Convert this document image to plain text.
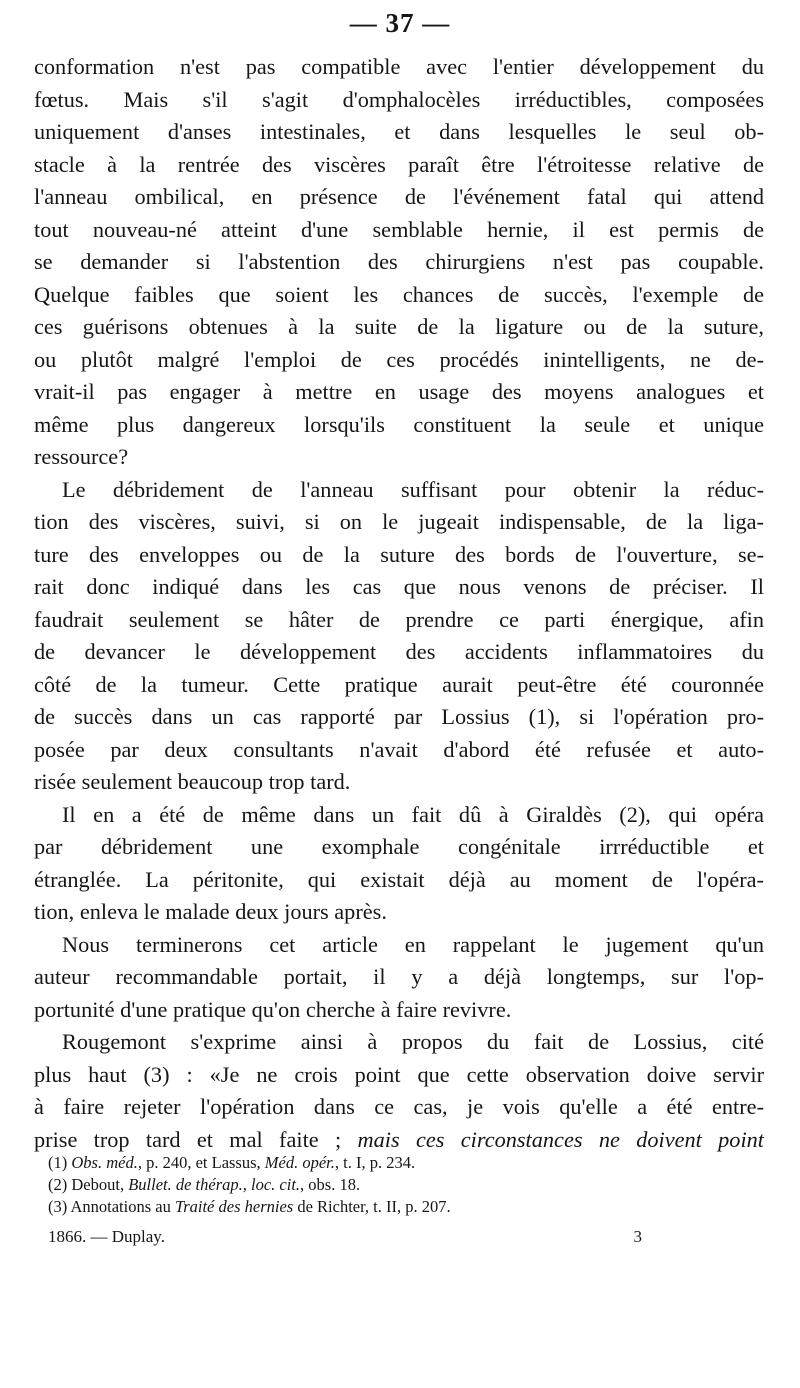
— 37 —
conformation n'est pas compatible avec l'entier développement du
fœtus. Mais s'il s'agit d'omphalocèles irréductibles, composées
uniquement d'anses intestinales, et dans lesquelles le seul ob-
stacle à la rentrée des viscères paraît être l'étroitesse relative de
l'anneau ombilical, en présence de l'événement fatal qui attend
tout nouveau-né atteint d'une semblable hernie, il est permis de
se demander si l'abstention des chirurgiens n'est pas coupable.
Quelque faibles que soient les chances de succès, l'exemple de
ces guérisons obtenues à la suite de la ligature ou de la suture,
ou plutôt malgré l'emploi de ces procédés inintelligents, ne de-
vrait-il pas engager à mettre en usage des moyens analogues et
même plus dangereux lorsqu'ils constituent la seule et unique
ressource?
Le débridement de l'anneau suffisant pour obtenir la réduc-
tion des viscères, suivi, si on le jugeait indispensable, de la liga-
ture des enveloppes ou de la suture des bords de l'ouverture, se-
rait donc indiqué dans les cas que nous venons de préciser. Il
faudrait seulement se hâter de prendre ce parti énergique, afin
de devancer le développement des accidents inflammatoires du
côté de la tumeur. Cette pratique aurait peut-être été couronnée
de succès dans un cas rapporté par Lossius (1), si l'opération pro-
posée par deux consultants n'avait d'abord été refusée et auto-
risée seulement beaucoup trop tard.
Il en a été de même dans un fait dû à Giraldès (2), qui opéra
par débridement une exomphale congénitale irrréductible et
étranglée. La péritonite, qui existait déjà au moment de l'opéra-
tion, enleva le malade deux jours après.
Nous terminerons cet article en rappelant le jugement qu'un
auteur recommandable portait, il y a déjà longtemps, sur l'op-
portunité d'une pratique qu'on cherche à faire revivre.
Rougemont s'exprime ainsi à propos du fait de Lossius, cité
plus haut (3) : «Je ne crois point que cette observation doive servir
à faire rejeter l'opération dans ce cas, je vois qu'elle a été entre-
prise trop tard et mal faite ; mais ces circonstances ne doivent point
(1) Obs. méd., p. 240, et Lassus, Méd. opér., t. I, p. 234.
(2) Debout, Bullet. de thérap., loc. cit., obs. 18.
(3) Annotations au Traité des hernies de Richter, t. II, p. 207.
1866. — Duplay.	3
